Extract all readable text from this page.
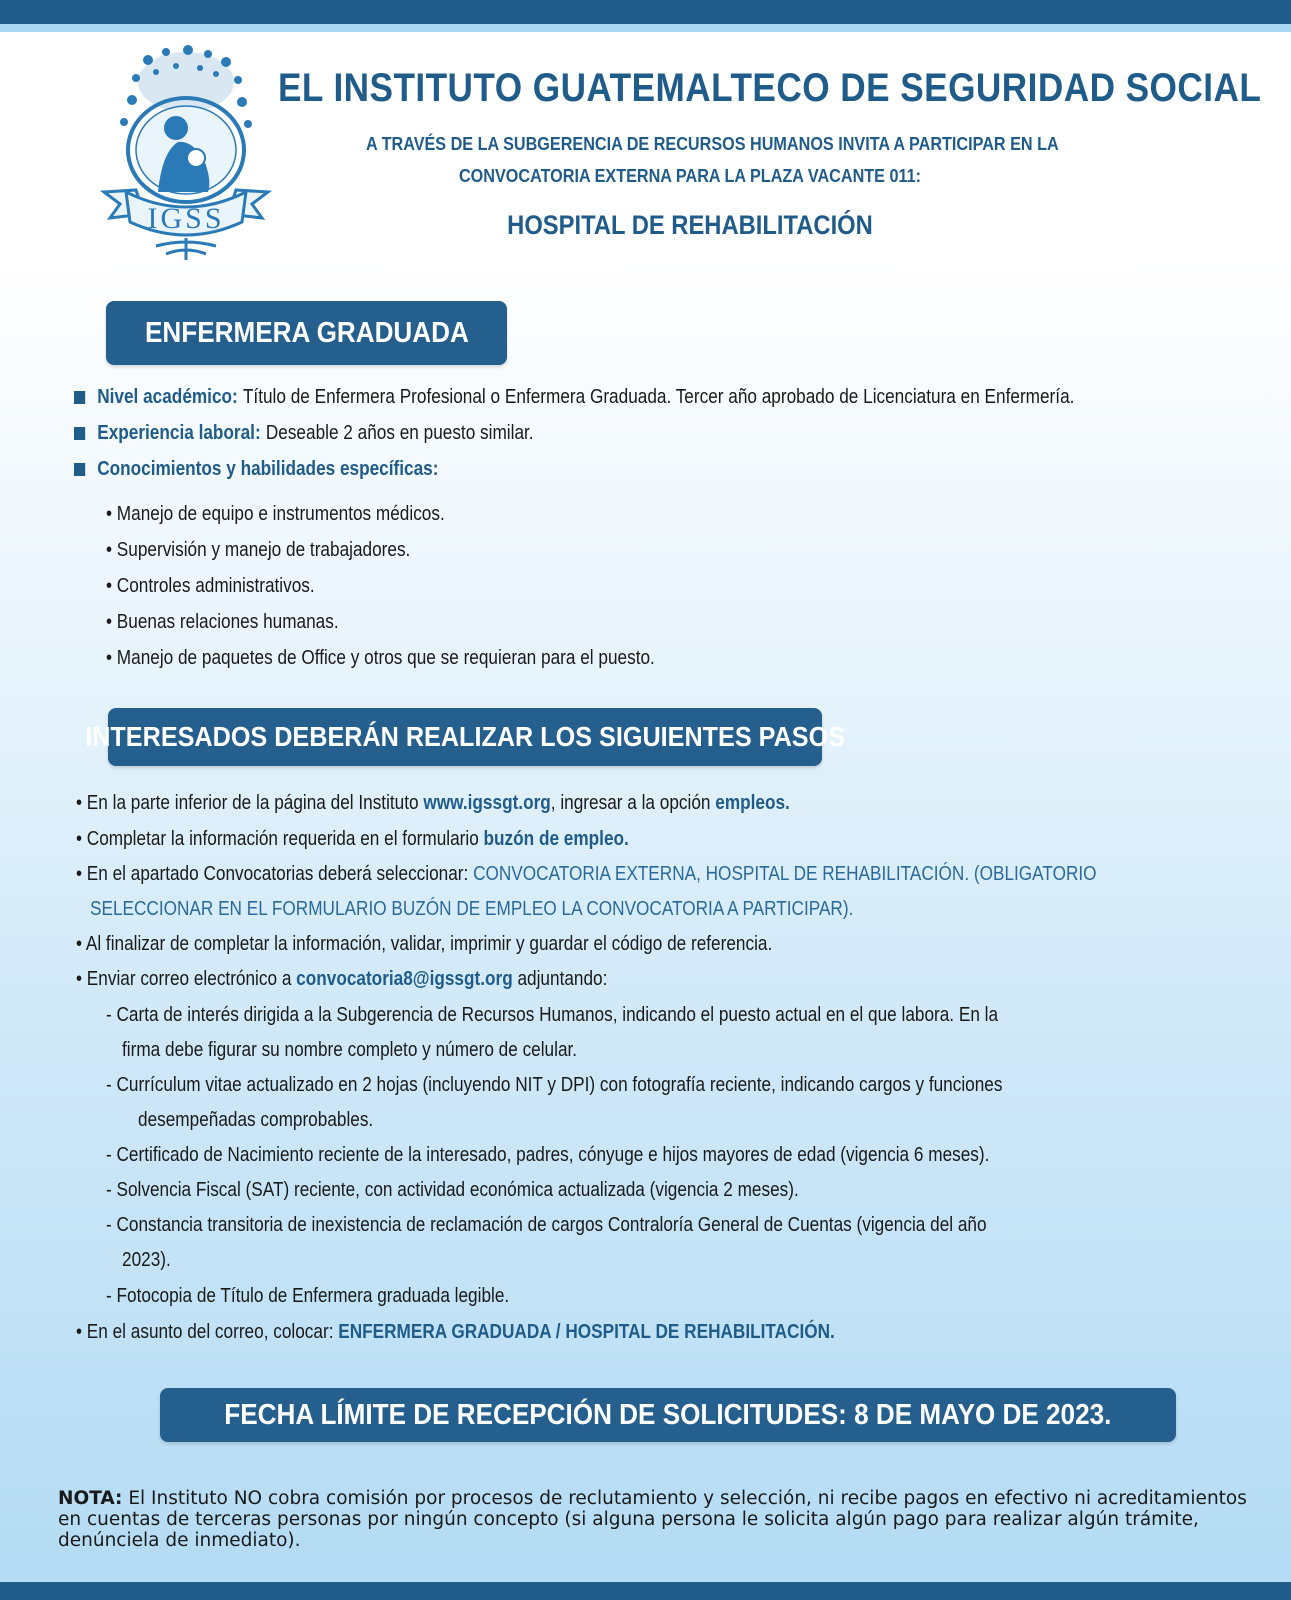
IGSS
EL INSTITUTO GUATEMALTECO DE SEGURIDAD SOCIAL
A TRAVÉS DE LA SUBGERENCIA DE RECURSOS HUMANOS INVITA A PARTICIPAR EN LA
CONVOCATORIA EXTERNA PARA LA PLAZA VACANTE 011:
HOSPITAL DE REHABILITACIÓN
ENFERMERA GRADUADA
Nivel académico: Título de Enfermera Profesional o Enfermera Graduada. Tercer año aprobado de Licenciatura en Enfermería.
Experiencia laboral: Deseable 2 años en puesto similar.
Conocimientos y habilidades específicas:
• Manejo de equipo e instrumentos médicos.
• Supervisión y manejo de trabajadores.
• Controles administrativos.
• Buenas relaciones humanas.
• Manejo de paquetes de Office y otros que se requieran para el puesto.
INTERESADOS DEBERÁN REALIZAR LOS SIGUIENTES PASOS
• En la parte inferior de la página del Instituto www.igssgt.org, ingresar a la opción empleos.
• Completar la información requerida en el formulario buzón de empleo.
• En el apartado Convocatorias deberá seleccionar: CONVOCATORIA EXTERNA, HOSPITAL DE REHABILITACIÓN. (OBLIGATORIO
SELECCIONAR EN EL FORMULARIO BUZÓN DE EMPLEO LA CONVOCATORIA A PARTICIPAR).
• Al finalizar de completar la información, validar, imprimir y guardar el código de referencia.
• Enviar correo electrónico a convocatoria8@igssgt.org adjuntando:
- Carta de interés dirigida a la Subgerencia de Recursos Humanos, indicando el puesto actual en el que labora. En la
firma debe figurar su nombre completo y número de celular.
- Currículum vitae actualizado en 2 hojas (incluyendo NIT y DPI) con fotografía reciente, indicando cargos y funciones
desempeñadas comprobables.
- Certificado de Nacimiento reciente de la interesado, padres, cónyuge e hijos mayores de edad (vigencia 6 meses).
- Solvencia Fiscal (SAT) reciente, con actividad económica actualizada (vigencia 2 meses).
- Constancia transitoria de inexistencia de reclamación de cargos Contraloría General de Cuentas (vigencia del año
2023).
- Fotocopia de Título de Enfermera graduada legible.
• En el asunto del correo, colocar: ENFERMERA GRADUADA / HOSPITAL DE REHABILITACIÓN.
FECHA LÍMITE DE RECEPCIÓN DE SOLICITUDES: 8 DE MAYO DE 2023.
NOTA: El Instituto NO cobra comisión por procesos de reclutamiento y selección, ni recibe pagos en efectivo ni acreditamientos en cuentas de terceras personas por ningún concepto (si alguna persona le solicita algún pago para realizar algún trámite, denúnciela de inmediato).
